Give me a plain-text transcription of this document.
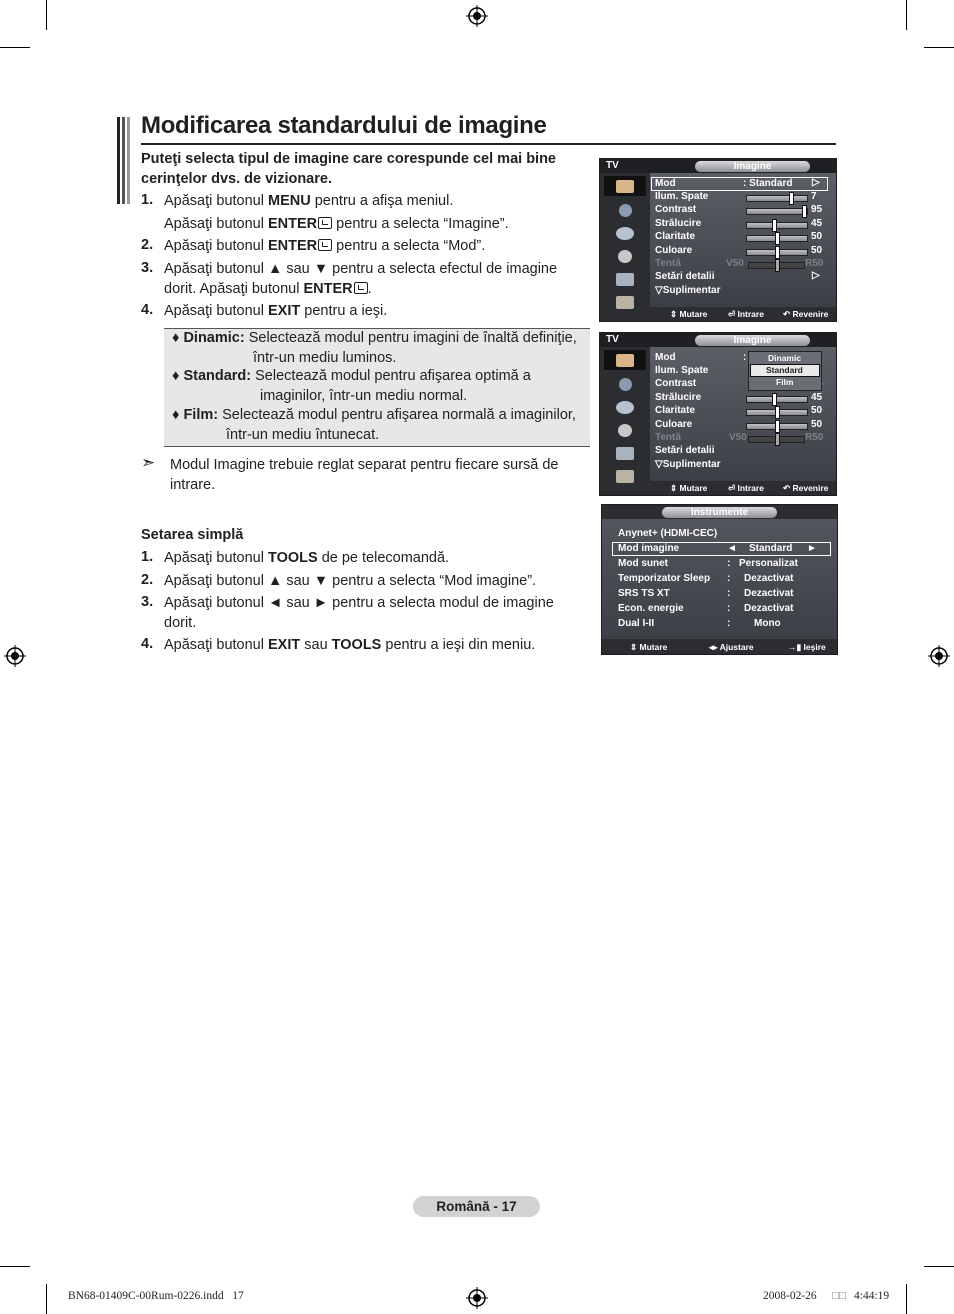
Modificarea standardului de imagine
Puteţi selecta tipul de imagine care corespunde cel mai bine
cerinţelor dvs. de vizionare.
1. Apăsaţi butonul MENU pentru a afişa meniul.
Apăsaţi butonul ENTER pentru a selecta “Imagine”.
2. Apăsaţi butonul ENTER pentru a selecta “Mod”.
3. Apăsaţi butonul ▲ sau ▼ pentru a selecta efectul de imagine
dorit. Apăsaţi butonul ENTER .
4. Apăsaţi butonul EXIT pentru a ieşi.
♦ Dinamic: Selectează modul pentru imagini de înaltă definiţie,
într-un mediu luminos.
♦ Standard: Selectează modul pentru afişarea optimă a
imaginilor, într-un mediu normal.
♦ Film: Selectează modul pentru afişarea normală a imaginilor,
într-un mediu întunecat.
➣ Modul Imagine trebuie reglat separat pentru fiecare sursă de
intrare.
Setarea simplă
1. Apăsaţi butonul TOOLS de pe telecomandă.
2. Apăsaţi butonul ▲ sau ▼ pentru a selecta “Mod imagine”.
3. Apăsaţi butonul ◄ sau ► pentru a selecta modul de imagine
dorit.
4. Apăsaţi butonul EXIT sau TOOLS pentru a ieşi din meniu.
TV	Imagine
Mod	: Standard ▷
Ilum. Spate	7
Contrast	95
Strălucire	45
Claritate	50
Culoare	50
Tentă	V50	R50
Setări detalii	▷
▽Suplimentar
⇕ Mutare ⏎ Intrare ↶ Revenire
TV	Imagine
Mod	:
Ilum. Spate
Contrast
Strălucire	45
Claritate	50
Culoare	50
Tentă	V50	R50
Setări detalii
▽Suplimentar
Dinamic
Standard
Film
⇕ Mutare ⏎ Intrare ↶ Revenire
Instrumente
Anynet+ (HDMI-CEC)
Mod imagine	◄ Standard ►
Mod sunet	: Personalizat
Temporizator Sleep : Dezactivat
SRS TS XT	: Dezactivat
Econ. energie	: Dezactivat
Dual I-II	: Mono
⇕ Mutare	◂▸ Ajustare	→▮ Ieşire
Română - 17
BN68-01409C-00Rum-0226.indd   17	2008-02-26 □□ 4:44:19
